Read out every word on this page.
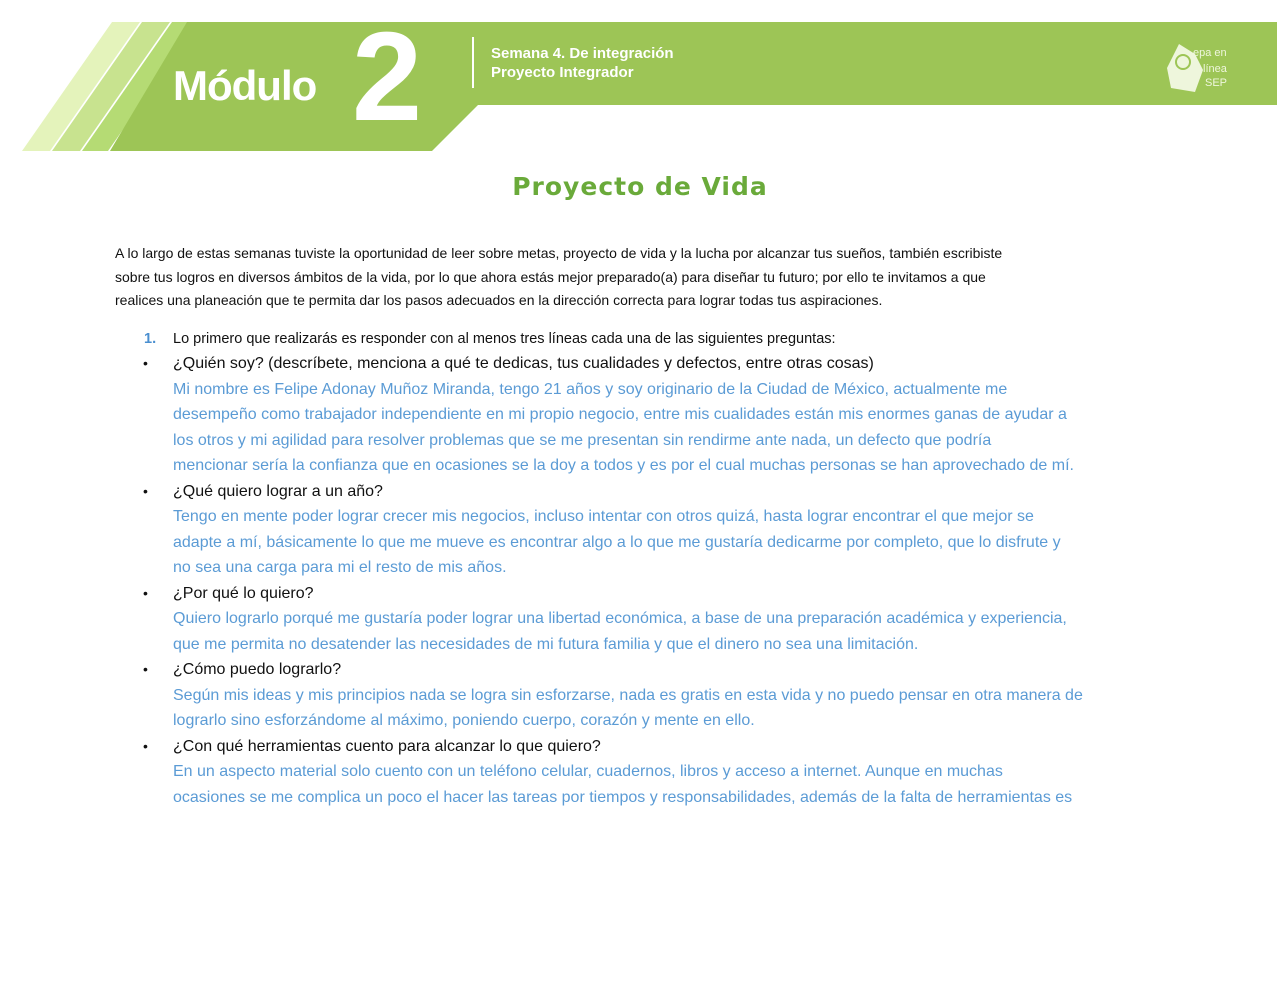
Módulo 2	Semana 4. De integración
Proyecto Integrador
epa en
línea
SEP
Proyecto de Vida
A lo largo de estas semanas tuviste la oportunidad de leer sobre metas, proyecto de vida y la lucha por alcanzar tus sueños, también escribiste
sobre tus logros en diversos ámbitos de la vida, por lo que ahora estás mejor preparado(a) para diseñar tu futuro; por ello te invitamos a que
realices una planeación que te permita dar los pasos adecuados en la dirección correcta para lograr todas tus aspiraciones.
1. Lo primero que realizarás es responder con al menos tres líneas cada una de las siguientes preguntas:
• ¿Quién soy? (descríbete, menciona a qué te dedicas, tus cualidades y defectos, entre otras cosas)
Mi nombre es Felipe Adonay Muñoz Miranda, tengo 21 años y soy originario de la Ciudad de México, actualmente me
desempeño como trabajador independiente en mi propio negocio, entre mis cualidades están mis enormes ganas de ayudar a
los otros y mi agilidad para resolver problemas que se me presentan sin rendirme ante nada, un defecto que podría
mencionar sería la confianza que en ocasiones se la doy a todos y es por el cual muchas personas se han aprovechado de mí.
• ¿Qué quiero lograr a un año?
Tengo en mente poder lograr crecer mis negocios, incluso intentar con otros quizá, hasta lograr encontrar el que mejor se
adapte a mí, básicamente lo que me mueve es encontrar algo a lo que me gustaría dedicarme por completo, que lo disfrute y
no sea una carga para mi el resto de mis años.
• ¿Por qué lo quiero?
Quiero lograrlo porqué me gustaría poder lograr una libertad económica, a base de una preparación académica y experiencia,
que me permita no desatender las necesidades de mi futura familia y que el dinero no sea una limitación.
• ¿Cómo puedo lograrlo?
Según mis ideas y mis principios nada se logra sin esforzarse, nada es gratis en esta vida y no puedo pensar en otra manera de
lograrlo sino esforzándome al máximo, poniendo cuerpo, corazón y mente en ello.
• ¿Con qué herramientas cuento para alcanzar lo que quiero?
En un aspecto material solo cuento con un teléfono celular, cuadernos, libros y acceso a internet. Aunque en muchas
ocasiones se me complica un poco el hacer las tareas por tiempos y responsabilidades, además de la falta de herramientas es
